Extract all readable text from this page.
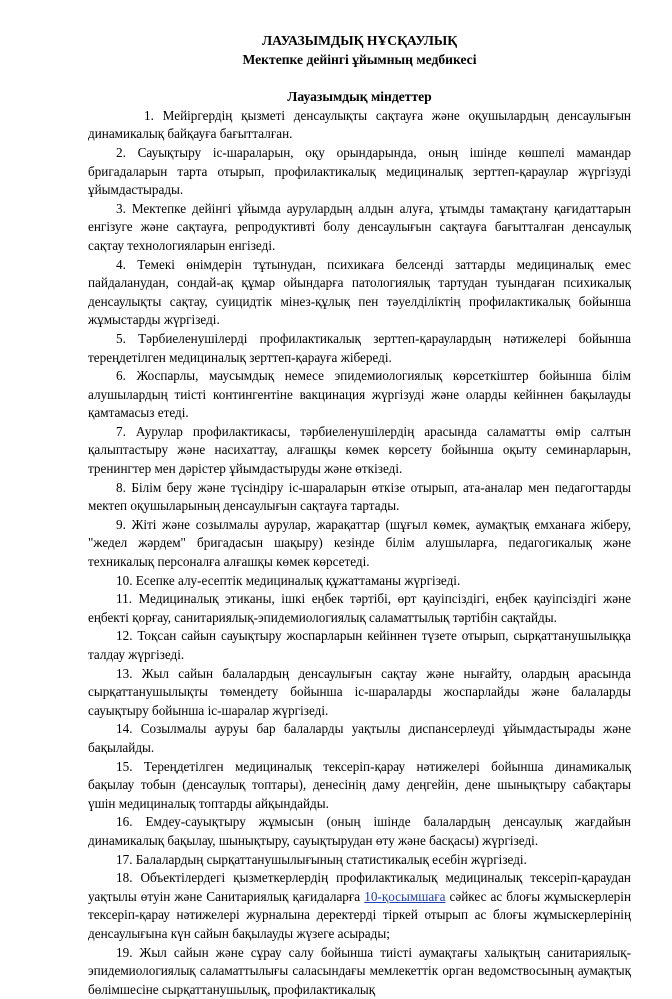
ЛАУАЗЫМДЫҚ НҰСҚАУЛЫҚ
Мектепке дейінгі ұйымның медбикесі
Лауазымдық міндеттер

1. Мейіргердің қызметі денсаулықты сақтауға және оқушылардың денсаулығын динамикалық байқауға бағытталған.

2. Сауықтыру іс-шараларын, оқу орындарында, оның ішінде көшпелі мамандар бригадаларын тарта отырып, профилактикалық медициналық зерттеп-қараулар жүргізуді ұйымдастырады.

3. Мектепке дейінгі ұйымда аурулардың алдын алуға, ұтымды тамақтану қағидаттарын енгізуге және сақтауға, репродуктивті болу денсаулығын сақтауға бағытталған денсаулық сақтау технологияларын енгізеді.

4. Темекі өнімдерін тұтынудан, психикаға белсенді заттарды медициналық емес пайдаланудан, сондай-ақ құмар ойындарға патологиялық тартудан туындаған психикалық денсаулықты сақтау, суицидтік мінез-құлық пен тәуелділіктің профилактикалық бойынша жұмыстарды жүргізеді.

5. Тәрбиеленушілерді профилактикалық зерттеп-қараулардың нәтижелері бойынша тереңдетілген медициналық зерттеп-қарауға жібереді.

6. Жоспарлы, маусымдық немесе эпидемиологиялық көрсеткіштер бойынша білім алушылардың тиісті контингентіне вакцинация жүргізуді және оларды кейіннен бақылауды қамтамасыз етеді.

7. Аурулар профилактикасы, тәрбиеленушілердің арасында саламатты өмір салтын қалыптастыру және насихаттау, алғашқы көмек көрсету бойынша оқыту семинарларын, тренингтер мен дәрістер ұйымдастыруды және өткізеді.

8. Білім беру және түсіндіру іс-шараларын өткізе отырып, ата-аналар мен педагогтарды мектеп оқушыларының денсаулығын сақтауға тартады.

9. Жіті және созылмалы аурулар, жарақаттар (шұғыл көмек, аумақтық емханаға жіберу, "жедел жәрдем" бригадасын шақыру) кезінде білім алушыларға, педагогикалық және техникалық персоналға алғашқы көмек көрсетеді.

10. Есепке алу-есептік медициналық құжаттаманы жүргізеді.

11. Медициналық этиканы, ішкі еңбек тәртібі, өрт қауіпсіздігі, еңбек қауіпсіздігі және еңбекті қорғау, санитариялық-эпидемиологиялық саламаттылық тәртібін сақтайды.

12. Тоқсан сайын сауықтыру жоспарларын кейіннен түзете отырып, сырқаттанушылыққа талдау жүргізеді.

13. Жыл сайын балалардың денсаулығын сақтау және нығайту, олардың арасында сырқаттанушылықты төмендету бойынша іс-шараларды жоспарлайды және балаларды сауықтыру бойынша іс-шаралар жүргізеді.

14. Созылмалы ауруы бар балаларды уақтылы диспансерлеуді ұйымдастырады және бақылайды.

15. Тереңдетілген медициналық тексеріп-қарау нәтижелері бойынша динамикалық бақылау тобын (денсаулық топтары), денесінің даму деңгейін, дене шынықтыру сабақтары үшін медициналық топтарды айқындайды.

16. Емдеу-сауықтыру жұмысын (оның ішінде балалардың денсаулық жағдайын динамикалық бақылау, шынықтыру, сауықтырудан өту және басқасы) жүргізеді.

17. Балалардың сырқаттанушылығының статистикалық есебін жүргізеді.

18. Объектілердегі қызметкерлердің профилактикалық медициналық тексеріп-қараудан уақтылы өтуін және Санитариялық қағидаларға 10-қосымшаға сәйкес ас блоғы жұмыскерлерін тексеріп-қарау нәтижелері журналына деректерді тіркей отырып ас блоғы жұмыскерлерінің денсаулығына күн сайын бақылауды жүзеге асырады;

19. Жыл сайын және сұрау салу бойынша тиісті аумақтағы халықтың санитариялық-эпидемиологиялық саламаттылығы саласындағы мемлекеттік орган ведомствосының аумақтық бөлімшесіне сырқаттанушылық, профилактикалық
